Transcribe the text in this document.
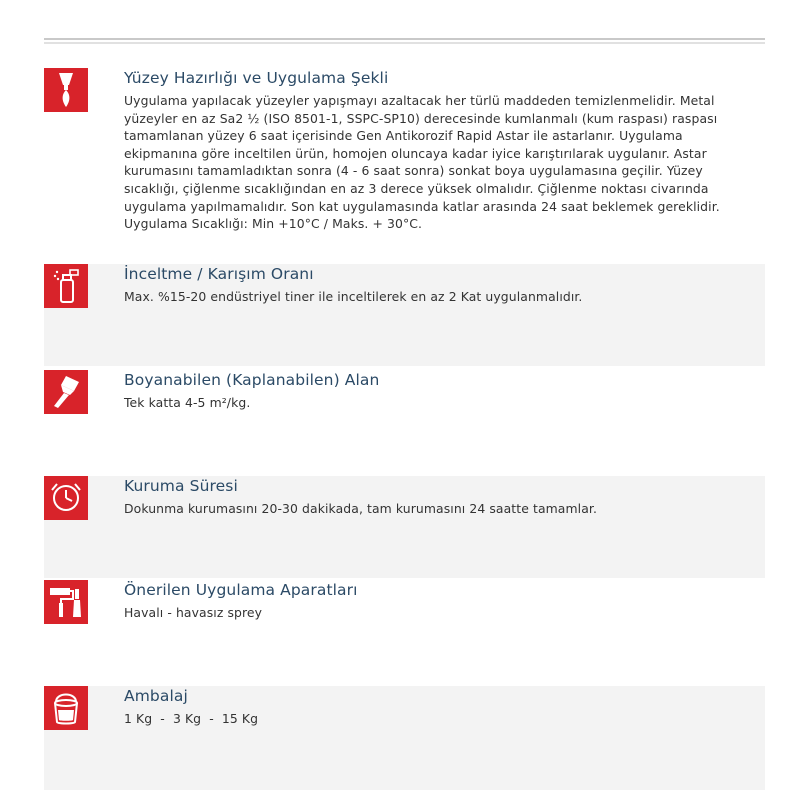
Yüzey Hazırlığı ve Uygulama Şekli

Uygulama yapılacak yüzeyler yapışmayı azaltacak her türlü maddeden temizlenmelidir. Metal yüzeyler en az Sa2 ½ (ISO 8501-1, SSPC-SP10) derecesinde kumlanmalı (kum raspası) raspası tamamlanan yüzey 6 saat içerisinde Gen Antikorozif Rapid Astar ile astarlanır. Uygulama ekipmanına göre inceltilen ürün, homojen oluncaya kadar iyice karıştırılarak uygulanır. Astar kurumasını tamamladıktan sonra (4 - 6 saat sonra) sonkat boya uygulamasına geçilir. Yüzey sıcaklığı, çiğlenme sıcaklığından en az 3 derece yüksek olmalıdır. Çiğlenme noktası civarında uygulama yapılmamalıdır. Son kat uygulamasında katlar arasında 24 saat beklemek gereklidir. Uygulama Sıcaklığı: Min +10°C / Maks. + 30°C.

İnceltme / Karışım Oranı

Max. %15-20 endüstriyel tiner ile inceltilerek en az 2 Kat uygulanmalıdır.

Boyanabilen (Kaplanabilen) Alan

Tek katta 4-5 m²/kg.

Kuruma Süresi

Dokunma kurumasını 20-30 dakikada, tam kurumasını 24 saatte tamamlar.

Önerilen Uygulama Aparatları

Havalı - havasız sprey

Ambalaj

1 Kg  -  3 Kg  -  15 Kg
